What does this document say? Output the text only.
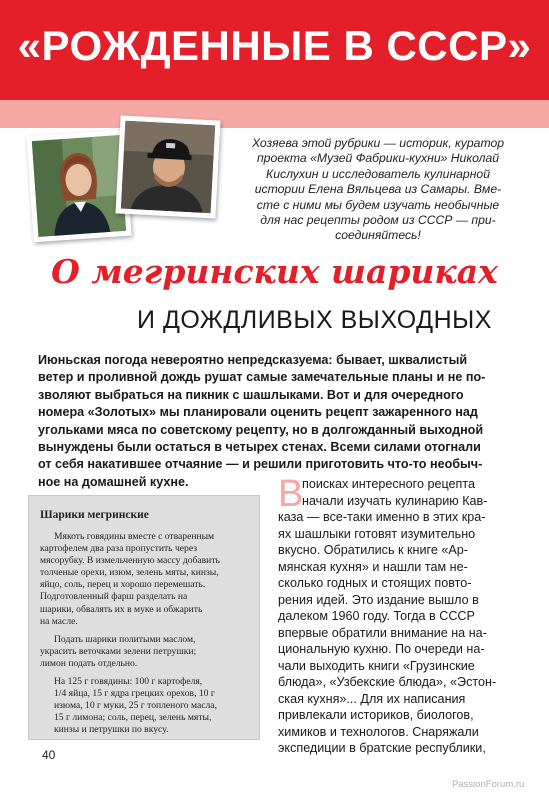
«РОЖДЕННЫЕ В СССР»

Хозяева этой рубрики — историк, куратор

проекта «Музей Фабрики-кухни» Николай

Кислухин и исследователь кулинарной

истории Елена Вяльцева из Самары. Вме-

сте с ними мы будем изучать необычные

для нас рецепты родом из СССР — при-

соединяйтесь!

О мегринских шариках
И ДОЖДЛИВЫХ ВЫХОДНЫХ

Июньская погода невероятно непредсказуема: бывает, шквалистый

ветер и проливной дождь рушат самые замечательные планы и не по-

зволяют выбраться на пикник с шашлыками. Вот и для очередного

номера «Золотых» мы планировали оценить рецепт зажаренного над

угольками мяса по советскому рецепту, но в долгожданный выходной

вынуждены были остаться в четырех стенах. Всеми силами отогнали

от себя накатившее отчаяние — и решили приготовить что-то необыч-

ное на домашней кухне.

Шарики мегринские

Мякоть говядины вместе с отваренным

картофелем два раза пропустить через

мясорубку. В измельченную массу добавить

толченые орехи, изюм, зелень мяты, кинзы,

яйцо, соль, перец и хорошо перемешать.

Подготовленный фарш разделать на

шарики, обвалять их в муке и обжарить

на масле.

Подать шарики политыми маслом,

украсить веточками зелени петрушки;

лимон подать отдельно.

На 125 г говядины: 100 г картофеля,

1/4 яйца, 15 г ядра грецких орехов, 10 г

изюма, 10 г муки, 25 г топленого масла,

15 г лимона; соль, перец, зелень мяты,

кинзы и петрушки по вкусу.

В

поисках интересного рецепта

начали изучать кулинарию Кав-

каза — все-таки именно в этих кра-

ях шашлыки готовят изумительно

вкусно. Обратились к книге «Ар-

мянская кухня» и нашли там не-

сколько годных и стоящих повто-

рения идей. Это издание вышло в

далеком 1960 году. Тогда в СССР

впервые обратили внимание на на-

циональную кухню. По очереди на-

чали выходить книги «Грузинские

блюда», «Узбекские блюда», «Эстон-

ская кухня»... Для их написания

привлекали историков, биологов,

химиков и технологов. Снаряжали

экспедиции в братские республики,

40
PassionForum.ru
